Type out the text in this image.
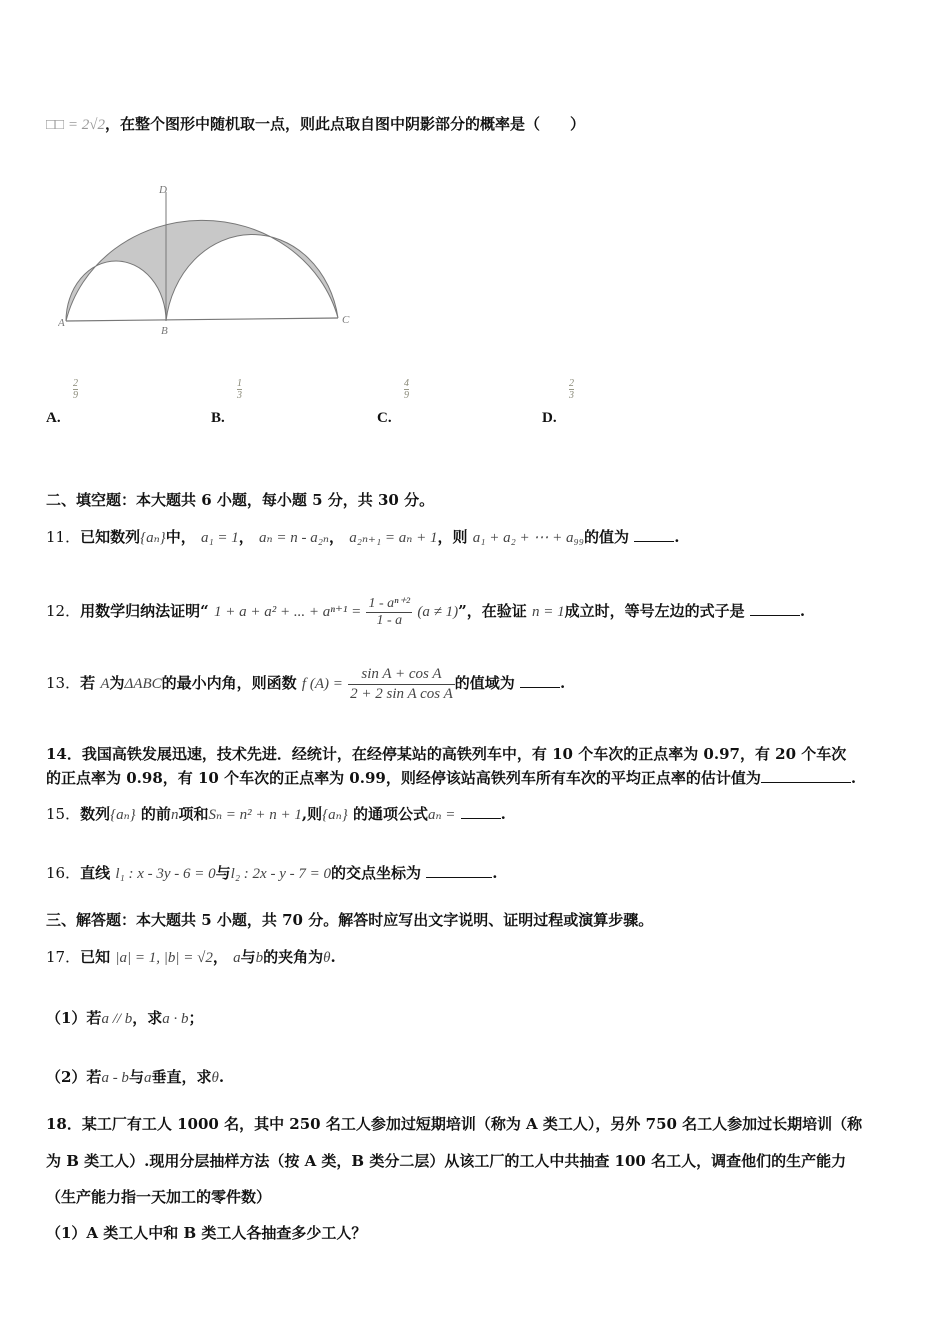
□□ = 2√2，在整个图形中随机取一点，则此点取自图中阴影部分的概率是（　　）
D
A
B
C
$\frac{2}{9}$
A.
$\frac{1}{3}$
B.
$\frac{4}{9}$
C.
$\frac{2}{3}$
D.
二、填空题：本大题共 6 小题，每小题 5 分，共 30 分。
11．已知数列{aₙ}中， a₁ = 1， aₙ = n - a₂ₙ， a₂ₙ₊₁ = aₙ + 1，则 a₁ + a₂ + ⋯ + a₉₉的值为	.
12．用数学归纳法证明“ 1 + a + a² + ... + $a^{n+1} = \frac{\text{1 - aⁿ⁺²}}{1 - a} (a \ne 1)$”，在验证 n = 1成立时，等号左边的式子是	.
13．若 A为ΔABC的最小内角，则函数 f $(A) = \frac{\text{sin A + cos A}}{\text{2 + 2 sin A cos A}}$ 的值域为	.
14．我国高铁发展迅速，技术先进．经统计，在经停某站的高铁列车中，有 10 个车次的正点率为 0.97，有 20 个车次
的正点率为 0.98，有 10 个车次的正点率为 0.99，则经停该站高铁列车所有车次的平均正点率的估计值为	.
15．数列{aₙ} 的前n项和Sₙ = n² + n + 1,则{aₙ} 的通项公式aₙ =	.
16．直线 l₁ : x - 3y - 6 = 0与l₂ : 2x - y - 7 = 0的交点坐标为	.
三、解答题：本大题共 5 小题，共 70 分。解答时应写出文字说明、证明过程或演算步骤。
17．已知 |a| = 1, |b| = √2， a与b的夹角为θ.
（1）若a // b，求a · b；
（2）若a - b与a垂直，求θ.
18．某工厂有工人 1000 名，其中 250 名工人参加过短期培训（称为 A 类工人），另外 750 名工人参加过长期培训（称
为 B 类工人）.现用分层抽样方法（按 A 类，B 类分二层）从该工厂的工人中共抽查 100 名工人，调查他们的生产能力
（生产能力指一天加工的零件数）
（1）A 类工人中和 B 类工人各抽查多少工人？
